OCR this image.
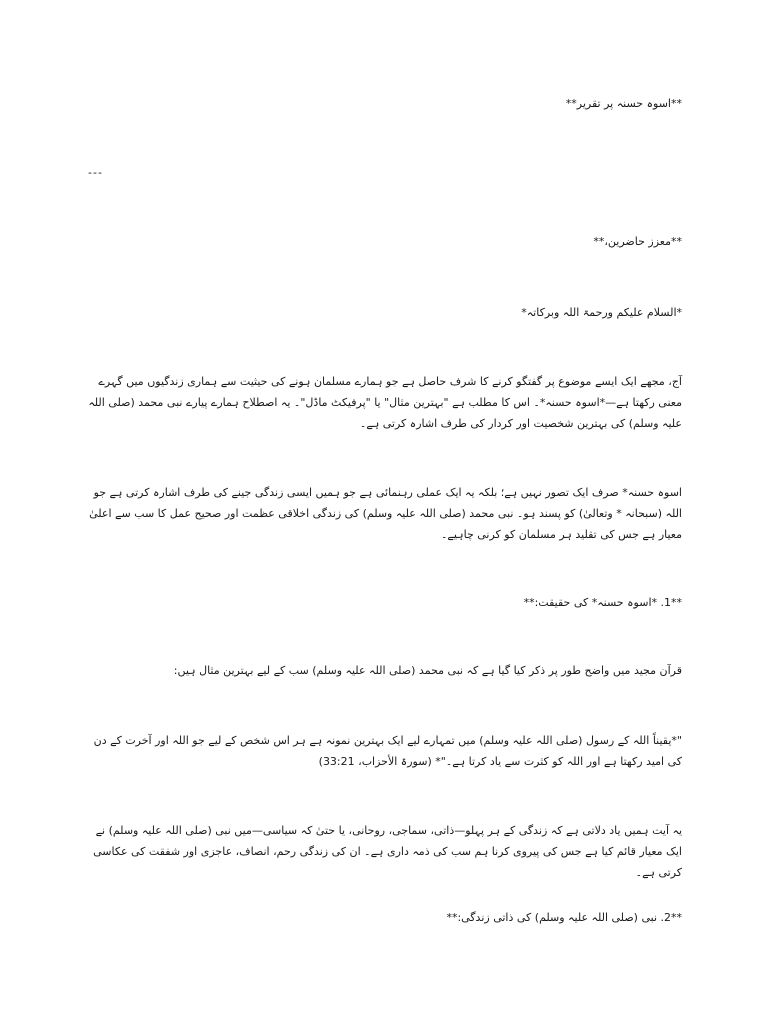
**اسوہ حسنہ پر تقریر**
---
**معزز حاضرین،**
*السلام علیکم ورحمۃ اللہ وبرکاتہ*
آج، مجھے ایک ایسے موضوع پر گفتگو کرنے کا شرف حاصل ہے جو ہمارے مسلمان ہونے کی حیثیت سے ہماری زندگیوں میں گہرے معنی رکھتا ہے—*اسوہ حسنہ*۔ اس کا مطلب ہے "بہترین مثال" یا "پرفیکٹ ماڈل"۔ یہ اصطلاح ہمارے پیارے نبی محمد (صلی اللہ علیہ وسلم) کی بہترین شخصیت اور کردار کی طرف اشارہ کرتی ہے۔
اسوہ حسنہ* صرف ایک تصور نہیں ہے؛ بلکہ یہ ایک عملی رہنمائی ہے جو ہمیں ایسی زندگی جینے کی طرف اشارہ کرتی ہے جو اللہ (سبحانہ * وتعالیٰ) کو پسند ہو۔ نبی محمد (صلی اللہ علیہ وسلم) کی زندگی اخلاقی عظمت اور صحیح عمل کا سب سے اعلیٰ معیار ہے جس کی تقلید ہر مسلمان کو کرنی چاہیے۔
**1. *اسوہ حسنہ* کی حقیقت:**
قرآن مجید میں واضح طور پر ذکر کیا گیا ہے کہ نبی محمد (صلی اللہ علیہ وسلم) سب کے لیے بہترین مثال ہیں:
"*یقیناً اللہ کے رسول (صلی اللہ علیہ وسلم) میں تمہارے لیے ایک بہترین نمونہ ہے ہر اس شخص کے لیے جو اللہ اور آخرت کے دن کی امید رکھتا ہے اور اللہ کو کثرت سے یاد کرتا ہے۔"* (سورۃ الأحزاب، 33:21)
یہ آیت ہمیں یاد دلاتی ہے کہ زندگی کے ہر پہلو—ذاتی، سماجی، روحانی، یا حتیٰ کہ سیاسی—میں نبی (صلی اللہ علیہ وسلم) نے ایک معیار قائم کیا ہے جس کی پیروی کرنا ہم سب کی ذمہ داری ہے۔ ان کی زندگی رحم، انصاف، عاجزی اور شفقت کی عکاسی کرتی ہے۔
**2. نبی (صلی اللہ علیہ وسلم) کی ذاتی زندگی:**
